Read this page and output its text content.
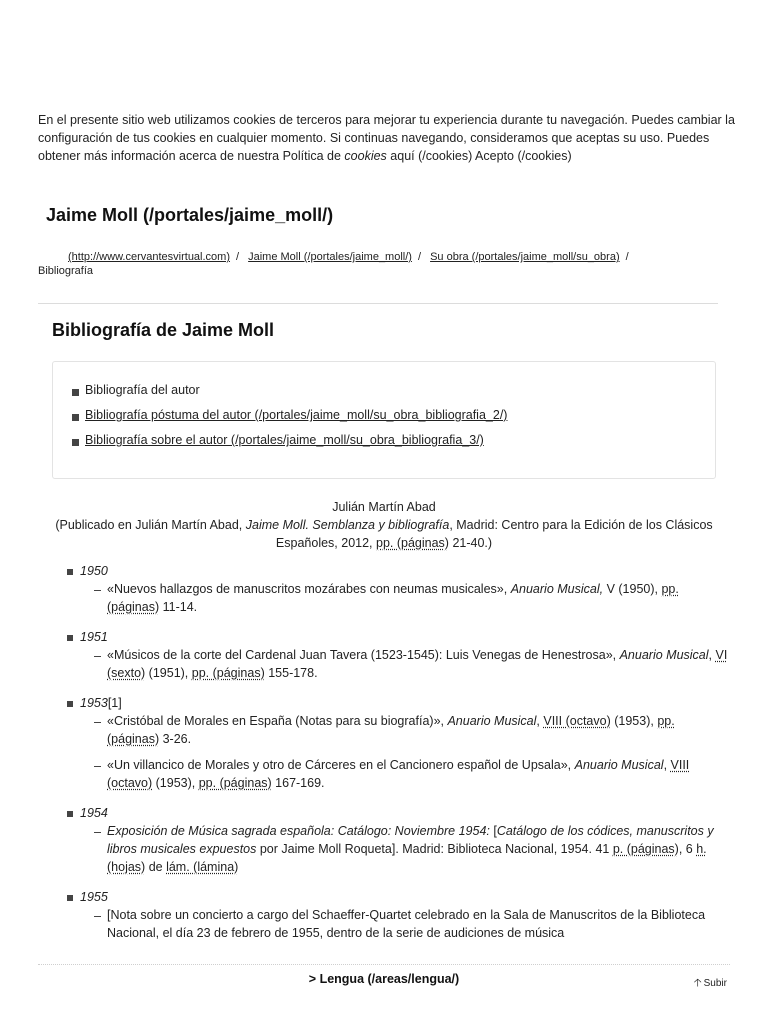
En el presente sitio web utilizamos cookies de terceros para mejorar tu experiencia durante tu navegación. Puedes cambiar la configuración de tus cookies en cualquier momento. Si continuas navegando, consideramos que aceptas su uso. Puedes obtener más información acerca de nuestra Política de cookies aquí (/cookies) Acepto (/cookies)
Jaime Moll (/portales/jaime_moll/)
(http://www.cervantesvirtual.com) / Jaime Moll (/portales/jaime_moll/) / Su obra (/portales/jaime_moll/su_obra) /
Bibliografía
Bibliografía de Jaime Moll
Bibliografía del autor
Bibliografía póstuma del autor (/portales/jaime_moll/su_obra_bibliografia_2/)
Bibliografía sobre el autor (/portales/jaime_moll/su_obra_bibliografia_3/)
Julián Martín Abad
(Publicado en Julián Martín Abad, Jaime Moll. Semblanza y bibliografía, Madrid: Centro para la Edición de los Clásicos Españoles, 2012, pp. (páginas) 21-40.)
1950
«Nuevos hallazgos de manuscritos mozárabes con neumas musicales», Anuario Musical, V (1950), pp. (páginas) 11-14.
1951
«Músicos de la corte del Cardenal Juan Tavera (1523-1545): Luis Venegas de Henestrosa», Anuario Musical, VI (sexto) (1951), pp. (páginas) 155-178.
1953[1]
«Cristóbal de Morales en España (Notas para su biografía)», Anuario Musical, VIII (octavo) (1953), pp. (páginas) 3-26.
«Un villancico de Morales y otro de Cárceres en el Cancionero español de Upsala», Anuario Musical, VIII (octavo) (1953), pp. (páginas) 167-169.
1954
Exposición de Música sagrada española: Catálogo: Noviembre 1954: [Catálogo de los códices, manuscritos y libros musicales expuestos por Jaime Moll Roqueta]. Madrid: Biblioteca Nacional, 1954. 41 p. (páginas), 6 h. (hojas) de lám. (lámina)
1955
[Nota sobre un concierto a cargo del Schaeffer-Quartet celebrado en la Sala de Manuscritos de la Biblioteca Nacional, el día 23 de febrero de 1955, dentro de la serie de audiciones de música
> Lengua (/areas/lengua/)	🡡 Subir
